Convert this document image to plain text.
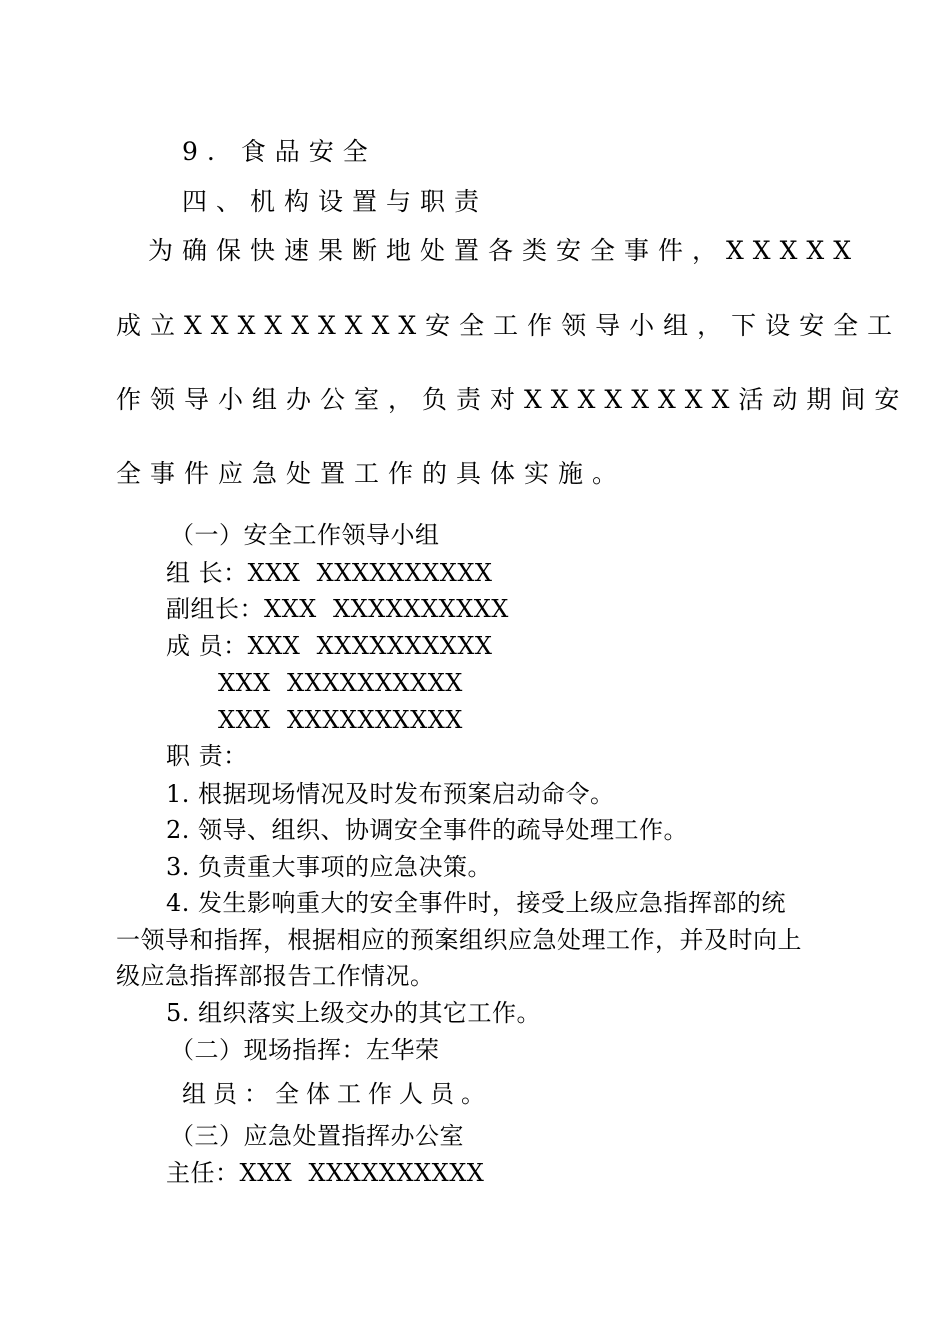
9. 食品安全
四、机构设置与职责
为确保快速果断地处置各类安全事件，XXXXX
成立XXXXXXXXX安全工作领导小组，下设安全工
作领导小组办公室，负责对XXXXXXXX活动期间安
全事件应急处置工作的具体实施。
（一）安全工作领导小组
组 长：XXX  XXXXXXXXXX
副组长：XXX  XXXXXXXXXX
成 员：XXX  XXXXXXXXXX
XXX  XXXXXXXXXX
XXX  XXXXXXXXXX
职 责：
1. 根据现场情况及时发布预案启动命令。
2. 领导、组织、协调安全事件的疏导处理工作。
3. 负责重大事项的应急决策。
4. 发生影响重大的安全事件时，接受上级应急指挥部的统
一领导和指挥，根据相应的预案组织应急处理工作，并及时向上
级应急指挥部报告工作情况。
5. 组织落实上级交办的其它工作。
（二）现场指挥：左华荣
组员：全体工作人员。
（三）应急处置指挥办公室
主任：XXX  XXXXXXXXXX
